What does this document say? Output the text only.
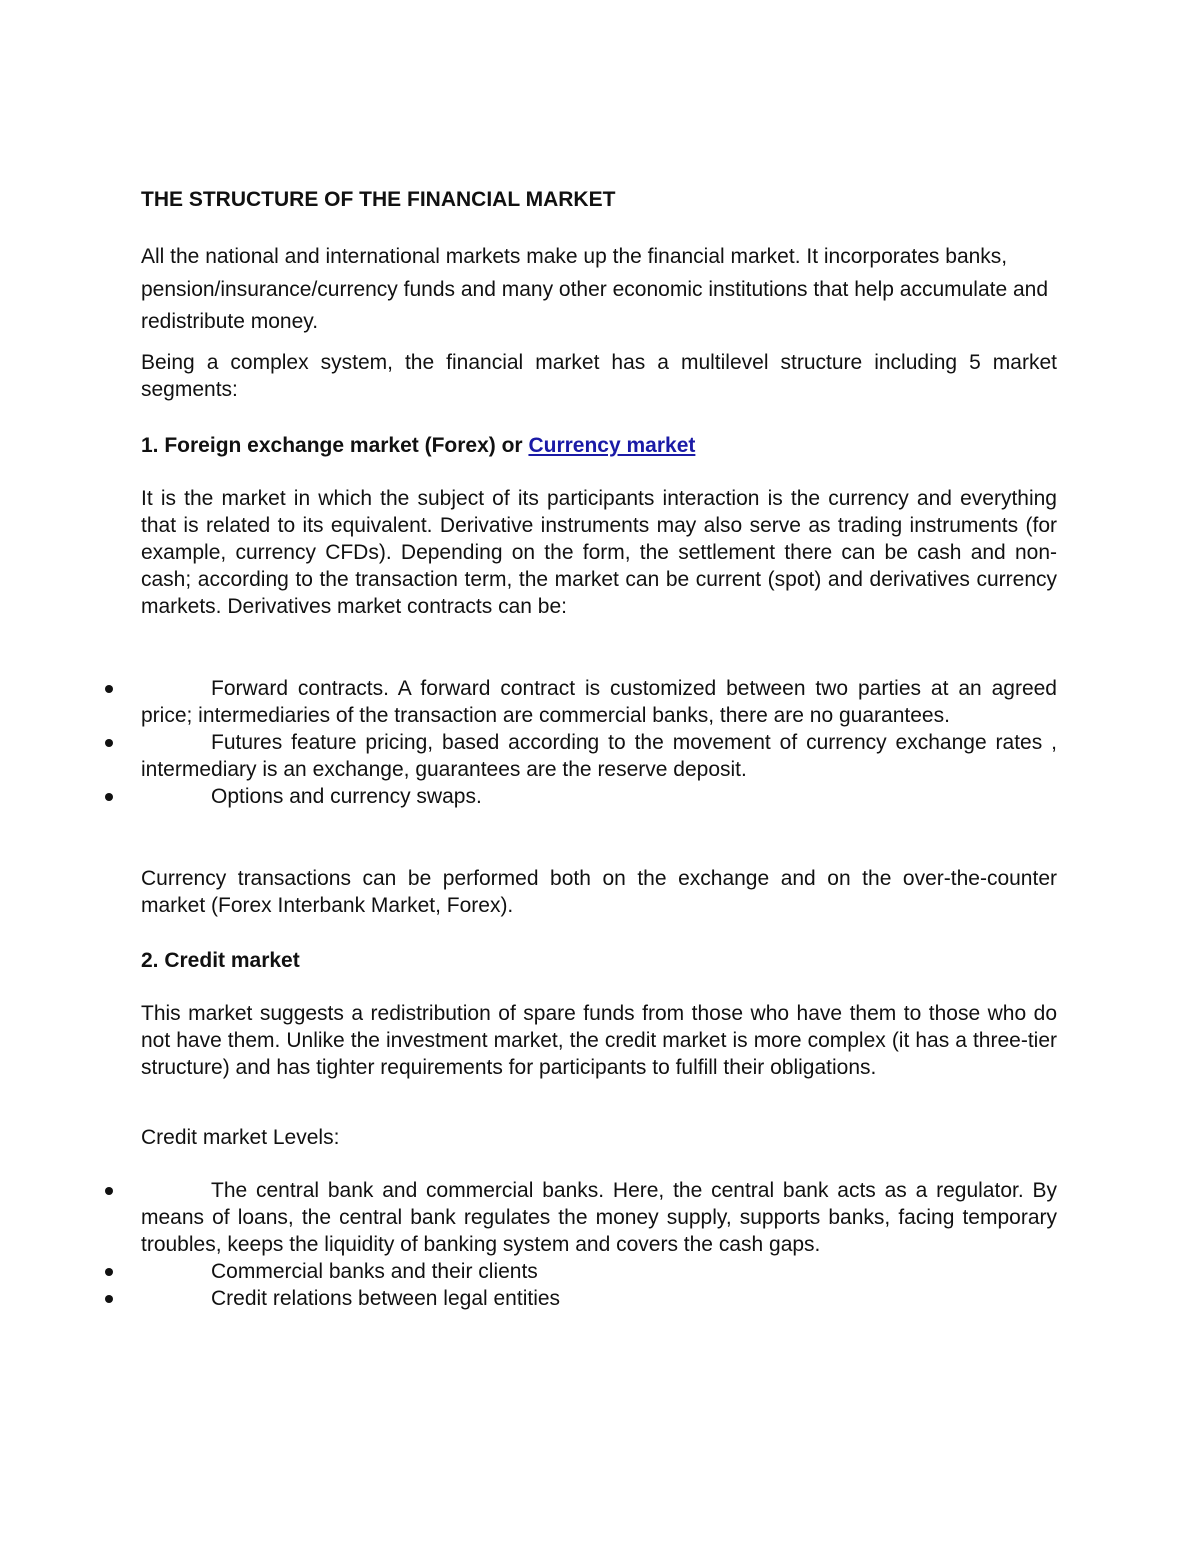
THE STRUCTURE OF THE FINANCIAL MARKET

All the national and international markets make up the financial market. It incorporates banks, pension/insurance/currency funds and many other economic institutions that help accumulate and redistribute money.

Being a complex system, the financial market has a multilevel structure including 5 market segments:

1. Foreign exchange market (Forex) or Currency market

It is the market in which the subject of its participants interaction is the currency and everything that is related to its equivalent. Derivative instruments may also serve as trading instruments (for example, currency CFDs). Depending on the form, the settlement there can be cash and non-cash; according to the transaction term, the market can be current (spot) and derivatives currency markets. Derivatives market contracts can be:

Forward contracts. A forward contract is customized between two parties at an agreed price; intermediaries of the transaction are commercial banks, there are no guarantees.
Futures feature pricing, based according to the movement of currency exchange rates , intermediary is an exchange, guarantees are the reserve deposit.
Options and currency swaps.

Currency transactions can be performed both on the exchange and on the over-the-counter market (Forex Interbank Market, Forex).

2. Credit market

This market suggests a redistribution of spare funds from those who have them to those who do not have them. Unlike the investment market, the credit market is more complex (it has a three-tier structure) and has tighter requirements for participants to fulfill their obligations.

Credit market Levels:

The central bank and commercial banks. Here, the central bank acts as a regulator. By means of loans, the central bank regulates the money supply, supports banks, facing temporary troubles, keeps the liquidity of banking system and covers the cash gaps.
Commercial banks and their clients
Credit relations between legal entities
